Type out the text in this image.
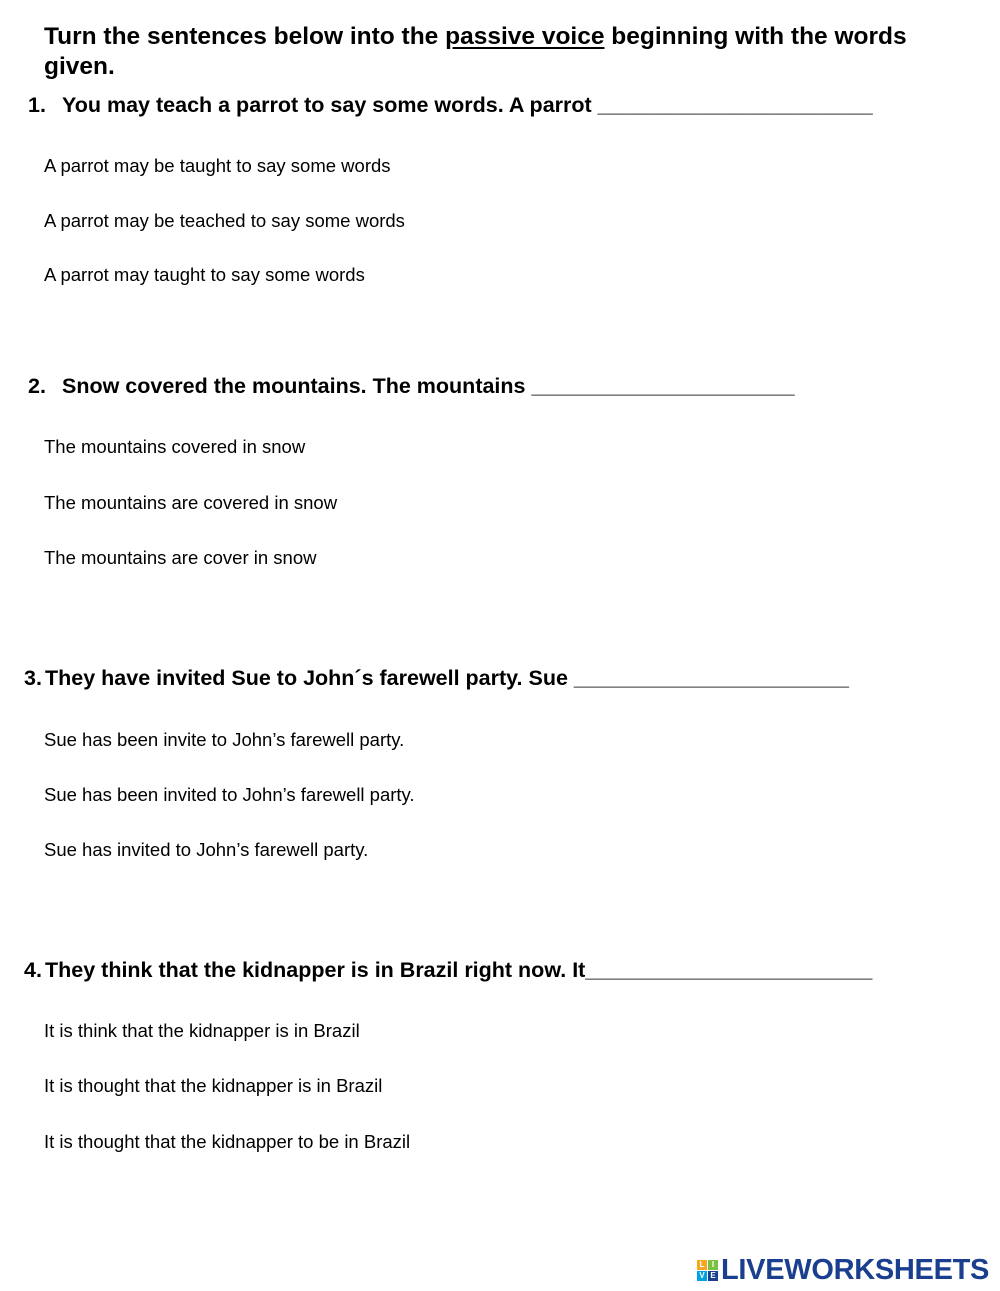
Turn the sentences below into the passive voice beginning with the words given.
1. You may teach a parrot to say some words. A parrot _______________________
A parrot may be taught to say some words
A parrot may be teached to say some words
A parrot may taught to say some words
2. Snow covered the mountains. The mountains ______________________
The mountains covered in snow
The mountains are covered in snow
The mountains are cover in snow
3. They have invited Sue to John´s farewell party. Sue _______________________
Sue has been invite to John’s farewell party.
Sue has been invited to John’s farewell party.
Sue has invited to John’s farewell party.
4. They think that the kidnapper is in Brazil right now. It________________________
It is think that the kidnapper is in Brazil
It is thought that the kidnapper is in Brazil
It is thought that the kidnapper to be in Brazil
L I
V E LIVEWORKSHEETS
